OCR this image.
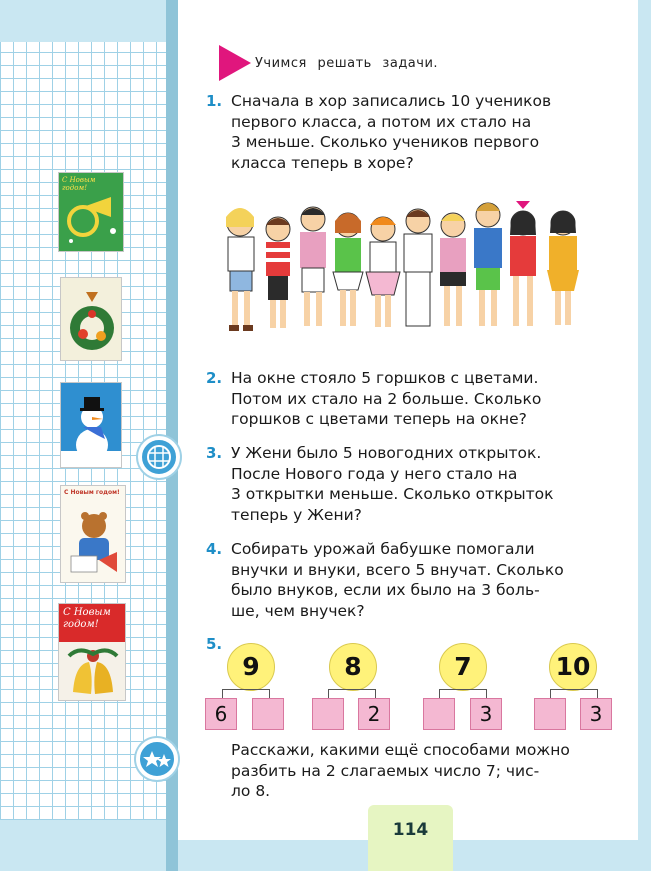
С Новым годом!
С Новым годом!
С Новым годом!
Учимся решать задачи.
1. Сначала в хор записались 10 учеников
первого класса, а потом их стало на
3 меньше. Сколько учеников первого
класса теперь в хоре?
2. На окне стояло 5 горшков с цветами.
Потом их стало на 2 больше. Сколько
горшков с цветами теперь на окне?
3. У Жени было 5 новогодних открыток.
После Нового года у него стало на
3 открытки меньше. Сколько открыток
теперь у Жени?
4. Собирать урожай бабушке помогали
внучки и внуки, всего 5 внучат. Сколько
было внуков, если их было на 3 боль-
ше, чем внучек?
5.
9
6
8
2
7
3
10
3
Расскажи, какими ещё способами можно
разбить на 2 слагаемых число 7; чис-
ло 8.
114
